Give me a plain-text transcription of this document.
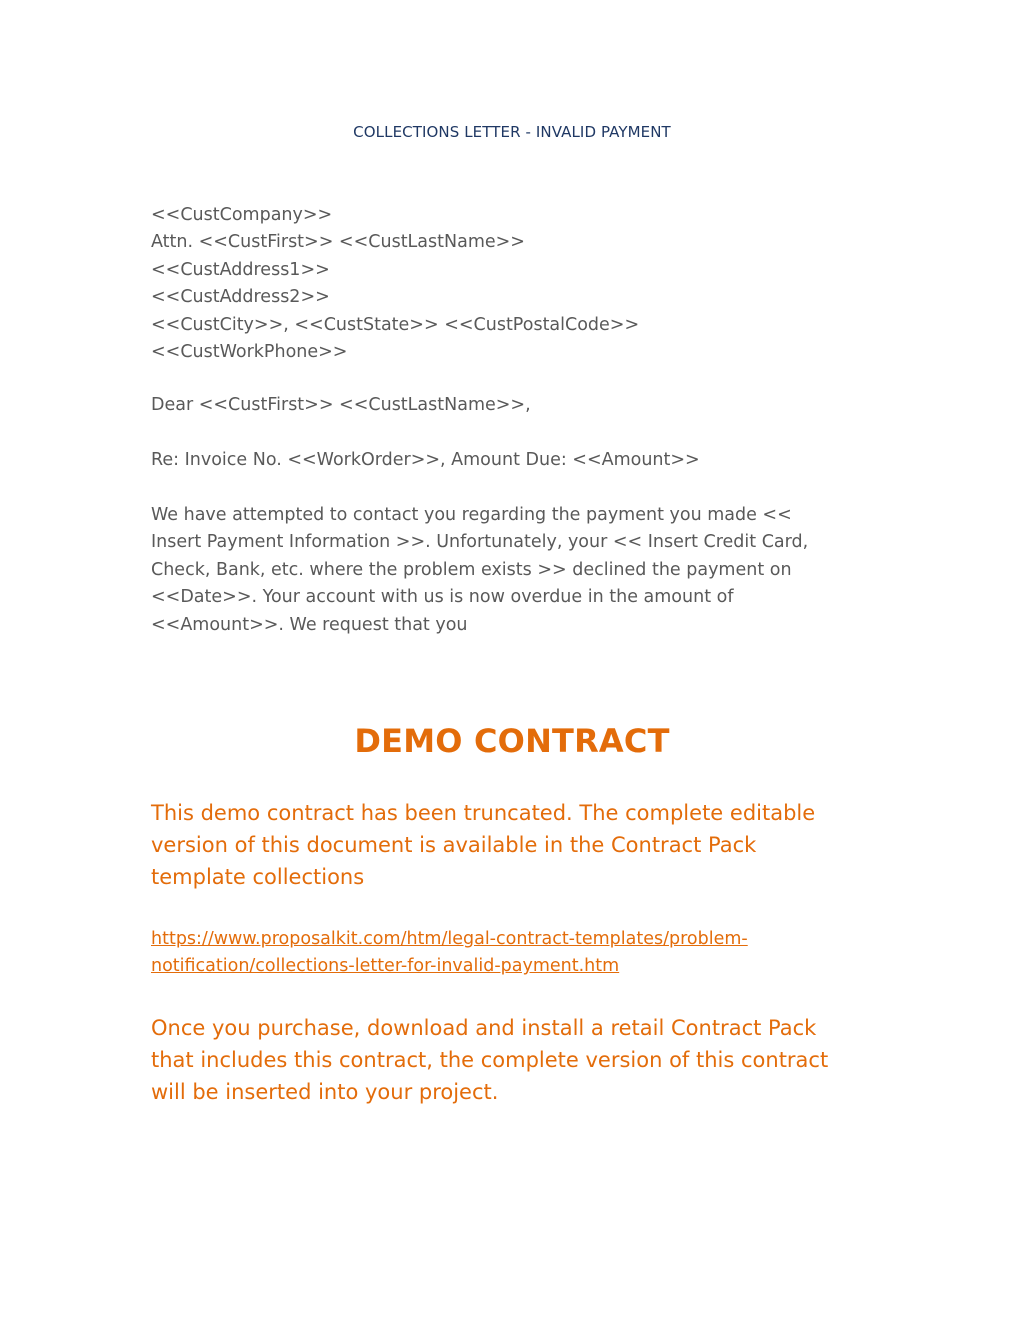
COLLECTIONS LETTER - INVALID PAYMENT
<<CustCompany>>
Attn. <<CustFirst>> <<CustLastName>>
<<CustAddress1>>
<<CustAddress2>>
<<CustCity>>, <<CustState>> <<CustPostalCode>>
<<CustWorkPhone>>
Dear <<CustFirst>> <<CustLastName>>,
Re: Invoice No. <<WorkOrder>>, Amount Due: <<Amount>>
We have attempted to contact you regarding the payment you made <<
Insert Payment Information >>. Unfortunately, your << Insert Credit Card,
Check, Bank, etc. where the problem exists >> declined the payment on
<<Date>>. Your account with us is now overdue in the amount of
<<Amount>>. We request that you
DEMO CONTRACT
This demo contract has been truncated. The complete editable
version of this document is available in the Contract Pack
template collections
https://www.proposalkit.com/htm/legal-contract-templates/problem-
notification/collections-letter-for-invalid-payment.htm
Once you purchase, download and install a retail Contract Pack
that includes this contract, the complete version of this contract
will be inserted into your project.
